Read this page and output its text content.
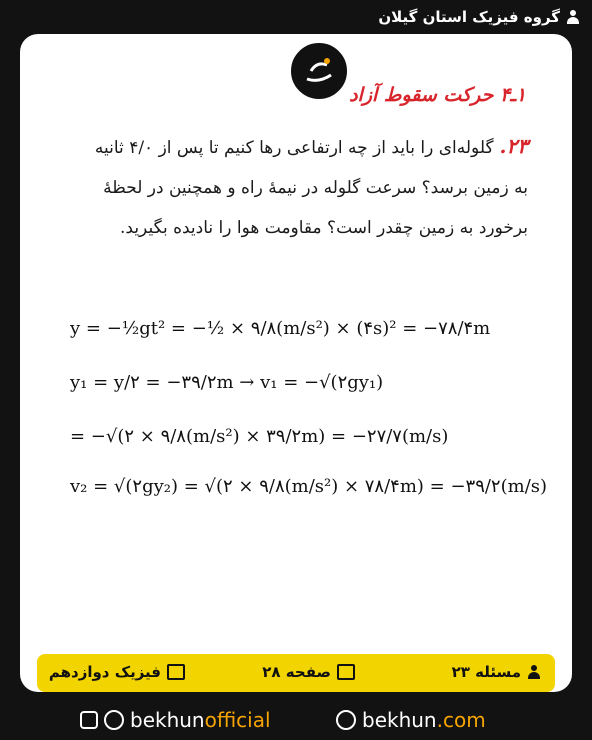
گروه فیزیک استان گیلان
۱ـ۴ حرکت سقوط آزاد
۲۳.گلوله‌ای را باید از چه ارتفاعی رها کنیم تا پس از ۴/۰ ثانیه
به زمین برسد؟ سرعت گلوله در نیمهٔ راه و همچنین در لحظهٔ
برخورد به زمین چقدر است؟ مقاومت هوا را نادیده بگیرید.
y = −½gt² = −½ × ۹/۸(m/s²) × (۴s)² = −۷۸/۴m
y₁ = y/۲ = −۳۹/۲m → v₁ = −√(۲gy₁)
= −√(۲ × ۹/۸(m/s²) × ۳۹/۲m) = −۲۷/۷(m/s)
v₂ = √(۲gy₂) = √(۲ × ۹/۸(m/s²) × ۷۸/۴m) = −۳۹/۲(m/s)
مسئله ۲۳
صفحه ۲۸
فیزیک دوازدهم
bekhunofficial	bekhun.com
